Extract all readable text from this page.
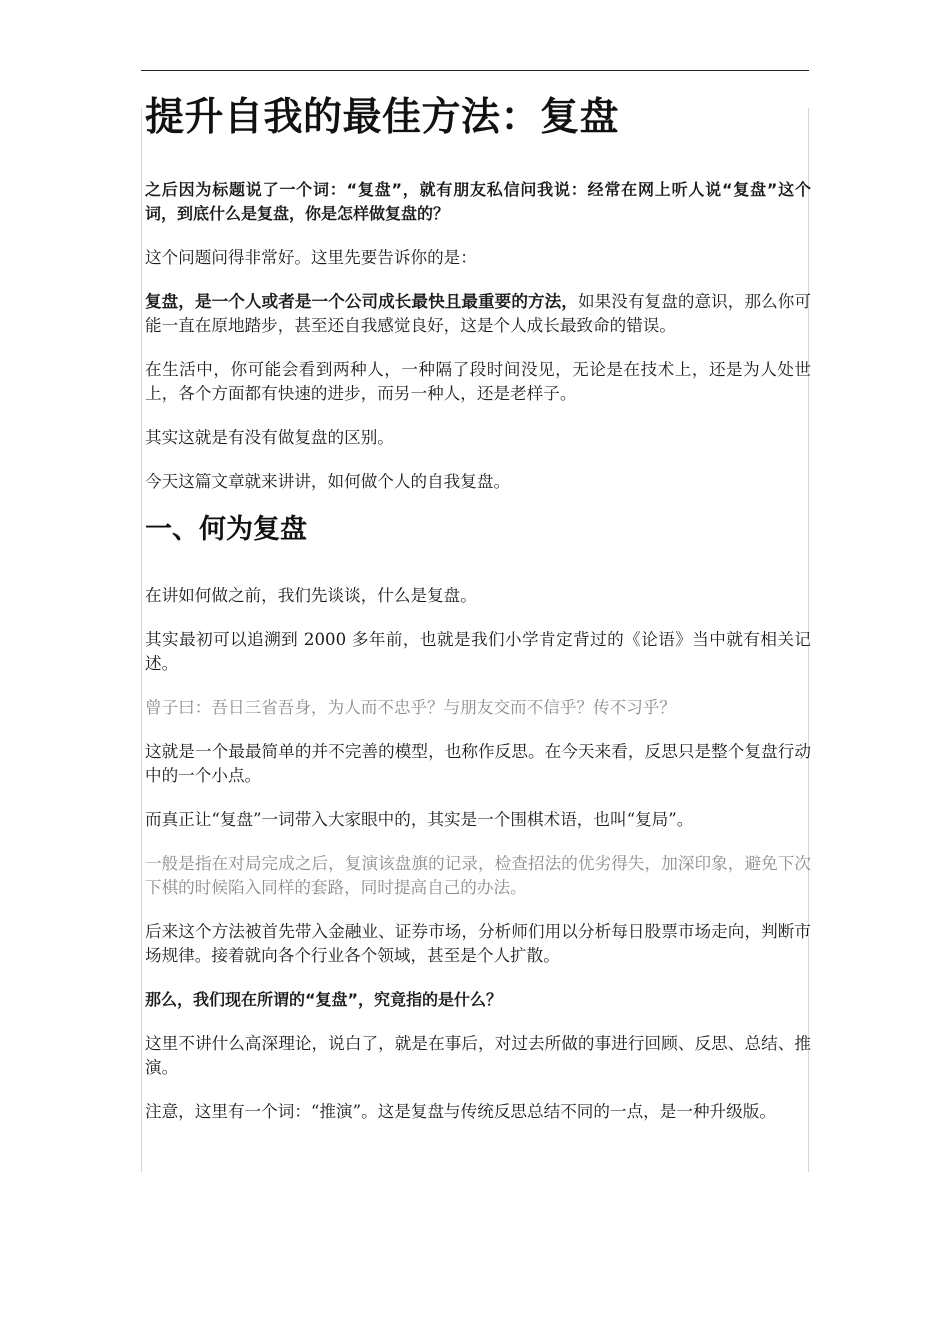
提升自我的最佳方法：复盘

之后因为标题说了一个词：“复盘”，就有朋友私信问我说：经常在网上听人说“复盘”这个词，到底什么是复盘，你是怎样做复盘的？

这个问题问得非常好。这里先要告诉你的是：

复盘，是一个人或者是一个公司成长最快且最重要的方法，如果没有复盘的意识，那么你可能一直在原地踏步，甚至还自我感觉良好，这是个人成长最致命的错误。

在生活中，你可能会看到两种人，一种隔了段时间没见，无论是在技术上，还是为人处世上，各个方面都有快速的进步，而另一种人，还是老样子。

其实这就是有没有做复盘的区别。

今天这篇文章就来讲讲，如何做个人的自我复盘。

一、何为复盘

在讲如何做之前，我们先谈谈，什么是复盘。

其实最初可以追溯到 2000 多年前，也就是我们小学肯定背过的《论语》当中就有相关记述。

曾子曰：吾日三省吾身，为人而不忠乎？与朋友交而不信乎？传不习乎？

这就是一个最最简单的并不完善的模型，也称作反思。在今天来看，反思只是整个复盘行动中的一个小点。

而真正让“复盘”一词带入大家眼中的，其实是一个围棋术语，也叫“复局”。

一般是指在对局完成之后，复演该盘旗的记录，检查招法的优劣得失，加深印象，避免下次下棋的时候陷入同样的套路，同时提高自己的办法。

后来这个方法被首先带入金融业、证券市场，分析师们用以分析每日股票市场走向，判断市场规律。接着就向各个行业各个领域，甚至是个人扩散。

那么，我们现在所谓的“复盘”，究竟指的是什么？

这里不讲什么高深理论，说白了，就是在事后，对过去所做的事进行回顾、反思、总结、推演。

注意，这里有一个词：“推演”。这是复盘与传统反思总结不同的一点，是一种升级版。
